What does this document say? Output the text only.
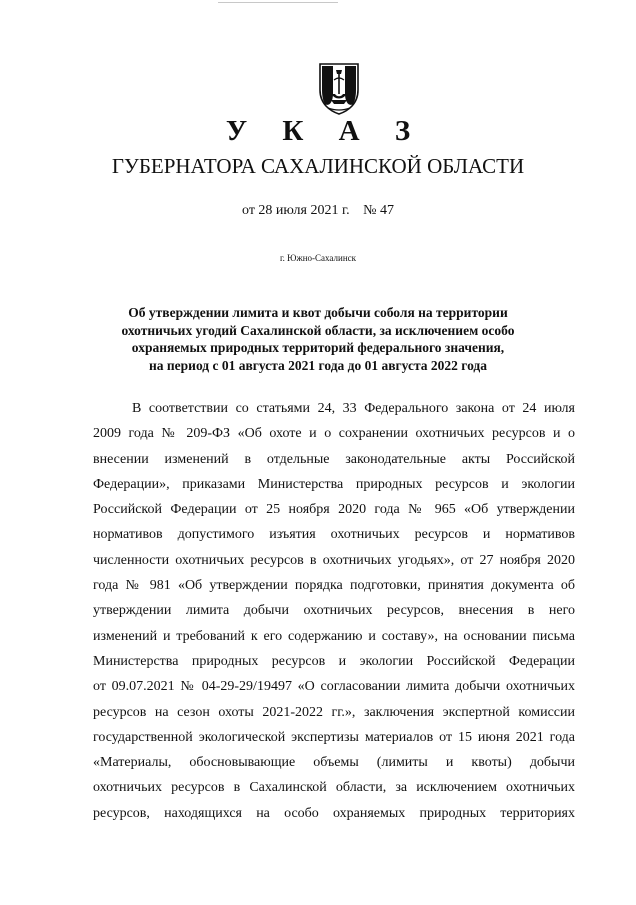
У К А З
ГУБЕРНАТОРА САХАЛИНСКОЙ ОБЛАСТИ
от 28 июля 2021 г. № 47
г. Южно-Сахалинск
Об утверждении лимита и квот добычи соболя на территории
охотничьих угодий Сахалинской области, за исключением особо
охраняемых природных территорий федерального значения,
на период с 01 августа 2021 года до 01 августа 2022 года
В соответствии со статьями 24, 33 Федерального закона от 24 июля
2009 года № 209-ФЗ «Об охоте и о сохранении охотничьих ресурсов и о
внесении изменений в отдельные законодательные акты Российской
Федерации», приказами Министерства природных ресурсов и экологии
Российской Федерации от 25 ноября 2020 года № 965 «Об утверждении
нормативов допустимого изъятия охотничьих ресурсов и нормативов
численности охотничьих ресурсов в охотничьих угодьях», от 27 ноября 2020
года № 981 «Об утверждении порядка подготовки, принятия документа об
утверждении лимита добычи охотничьих ресурсов, внесения в него
изменений и требований к его содержанию и составу», на основании письма
Министерства природных ресурсов и экологии Российской Федерации
от 09.07.2021 № 04-29-29/19497 «О согласовании лимита добычи охотничьих
ресурсов на сезон охоты 2021-2022 гг.», заключения экспертной комиссии
государственной экологической экспертизы материалов от 15 июня 2021 года
«Материалы, обосновывающие объемы (лимиты и квоты) добычи
охотничьих ресурсов в Сахалинской области, за исключением охотничьих
ресурсов, находящихся на особо охраняемых природных территориях
